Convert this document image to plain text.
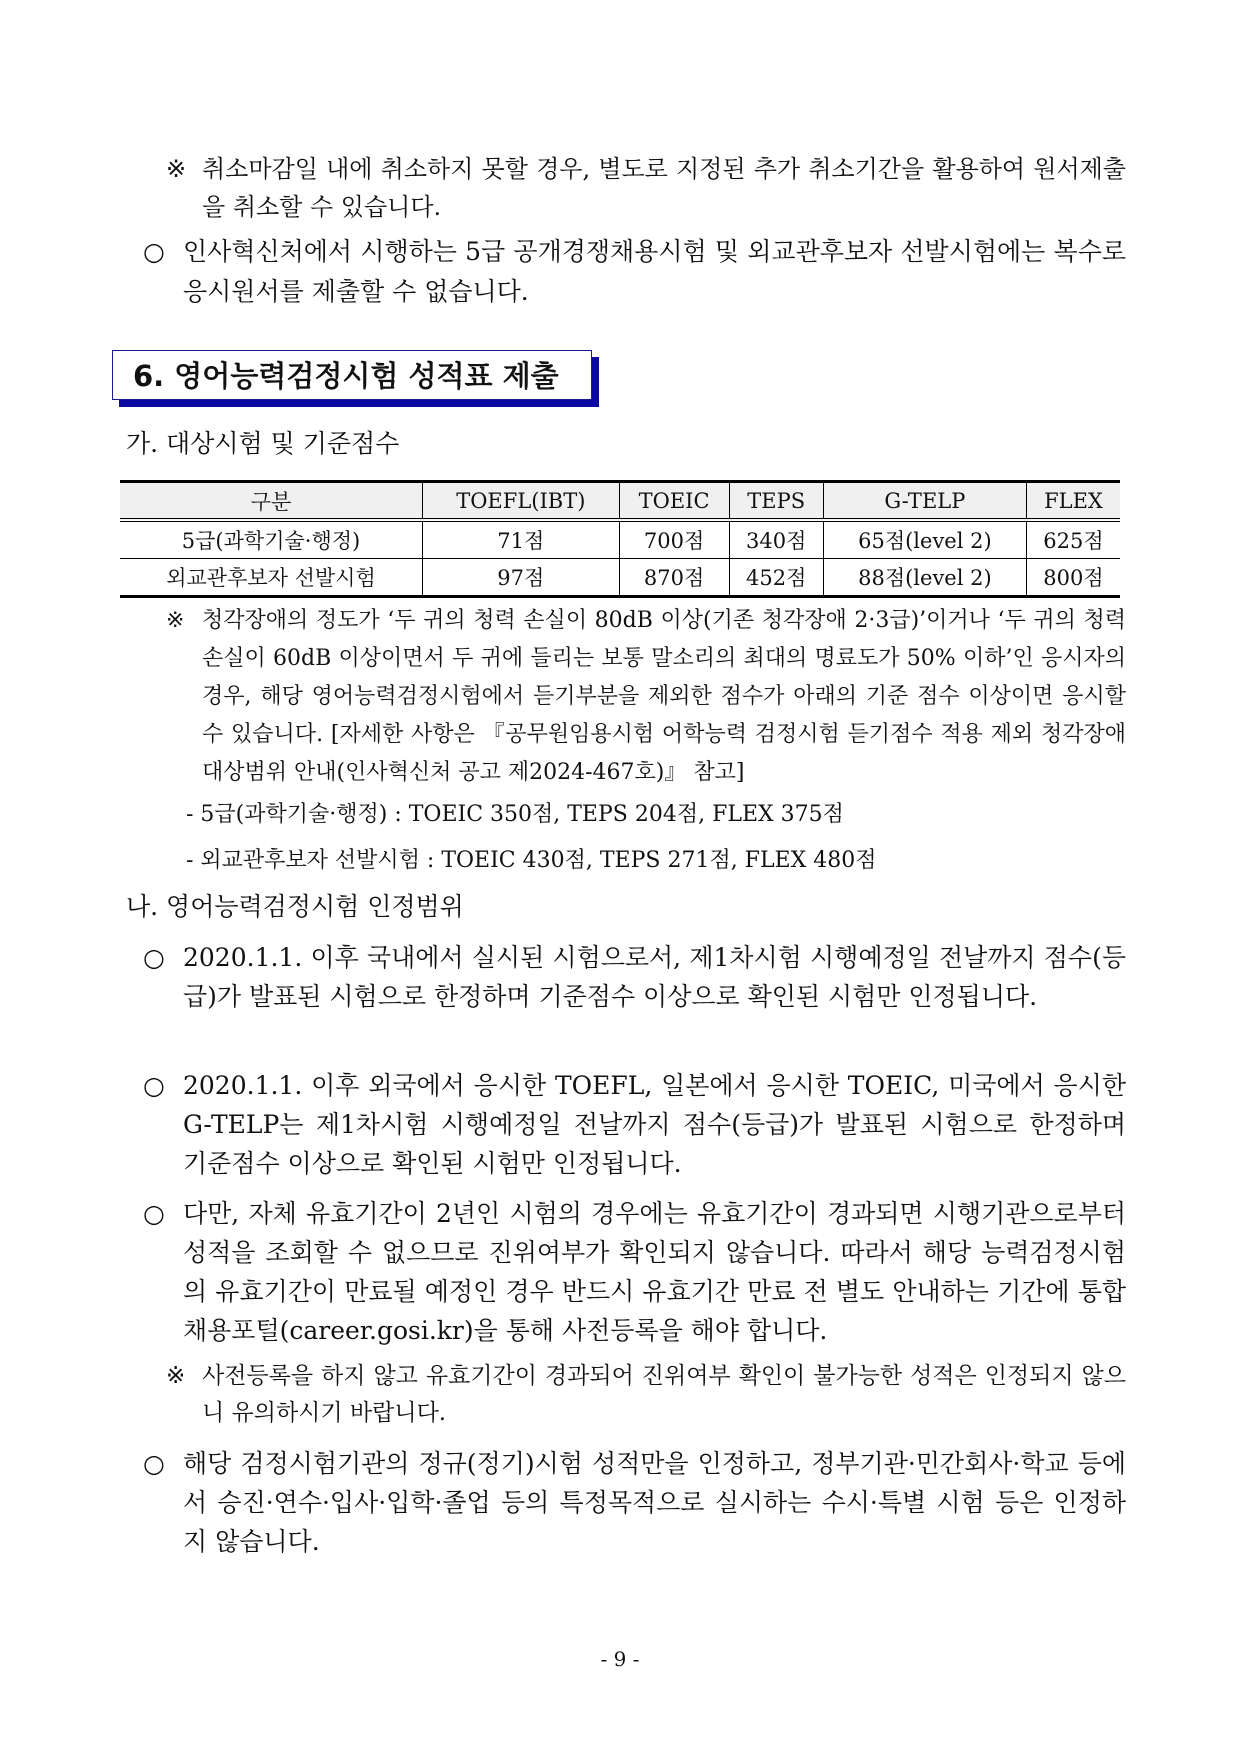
※ 취소마감일 내에 취소하지 못할 경우, 별도로 지정된 추가 취소기간을 활용하여 원서제출을 취소할 수 있습니다.
○ 인사혁신처에서 시행하는 5급 공개경쟁채용시험 및 외교관후보자 선발시험에는 복수로 응시원서를 제출할 수 없습니다.
6. 영어능력검정시험 성적표 제출
가. 대상시험 및 기준점수
구분	TOEFL(IBT)	TOEIC	TEPS	G-TELP	FLEX
5급(과학기술·행정)	71점	700점	340점	65점(level 2)	625점
외교관후보자 선발시험	97점	870점	452점	88점(level 2)	800점
※ 청각장애의 정도가 ‘두 귀의 청력 손실이 80dB 이상(기존 청각장애 2·3급)’이거나 ‘두 귀의 청력 손실이 60dB 이상이면서 두 귀에 들리는 보통 말소리의 최대의 명료도가 50% 이하’인 응시자의 경우, 해당 영어능력검정시험에서 듣기부분을 제외한 점수가 아래의 기준 점수 이상이면 응시할 수 있습니다. [자세한 사항은 『공무원임용시험 어학능력 검정시험 듣기점수 적용 제외 청각장애 대상범위 안내(인사혁신처 공고 제2024-467호)』 참고]
- 5급(과학기술·행정) : TOEIC 350점, TEPS 204점, FLEX 375점
- 외교관후보자 선발시험 : TOEIC 430점, TEPS 271점, FLEX 480점
나. 영어능력검정시험 인정범위
○ 2020.1.1. 이후 국내에서 실시된 시험으로서, 제1차시험 시행예정일 전날까지 점수(등급)가 발표된 시험으로 한정하며 기준점수 이상으로 확인된 시험만 인정됩니다.
○ 2020.1.1. 이후 외국에서 응시한 TOEFL, 일본에서 응시한 TOEIC, 미국에서 응시한 G-TELP는 제1차시험 시행예정일 전날까지 점수(등급)가 발표된 시험으로 한정하며 기준점수 이상으로 확인된 시험만 인정됩니다.
○ 다만, 자체 유효기간이 2년인 시험의 경우에는 유효기간이 경과되면 시행기관으로부터 성적을 조회할 수 없으므로 진위여부가 확인되지 않습니다. 따라서 해당 능력검정시험의 유효기간이 만료될 예정인 경우 반드시 유효기간 만료 전 별도 안내하는 기간에 통합채용포털(career.gosi.kr)을 통해 사전등록을 해야 합니다.
※ 사전등록을 하지 않고 유효기간이 경과되어 진위여부 확인이 불가능한 성적은 인정되지 않으니 유의하시기 바랍니다.
○ 해당 검정시험기관의 정규(정기)시험 성적만을 인정하고, 정부기관·민간회사·학교 등에서 승진·연수·입사·입학·졸업 등의 특정목적으로 실시하는 수시·특별 시험 등은 인정하지 않습니다.
- 9 -
